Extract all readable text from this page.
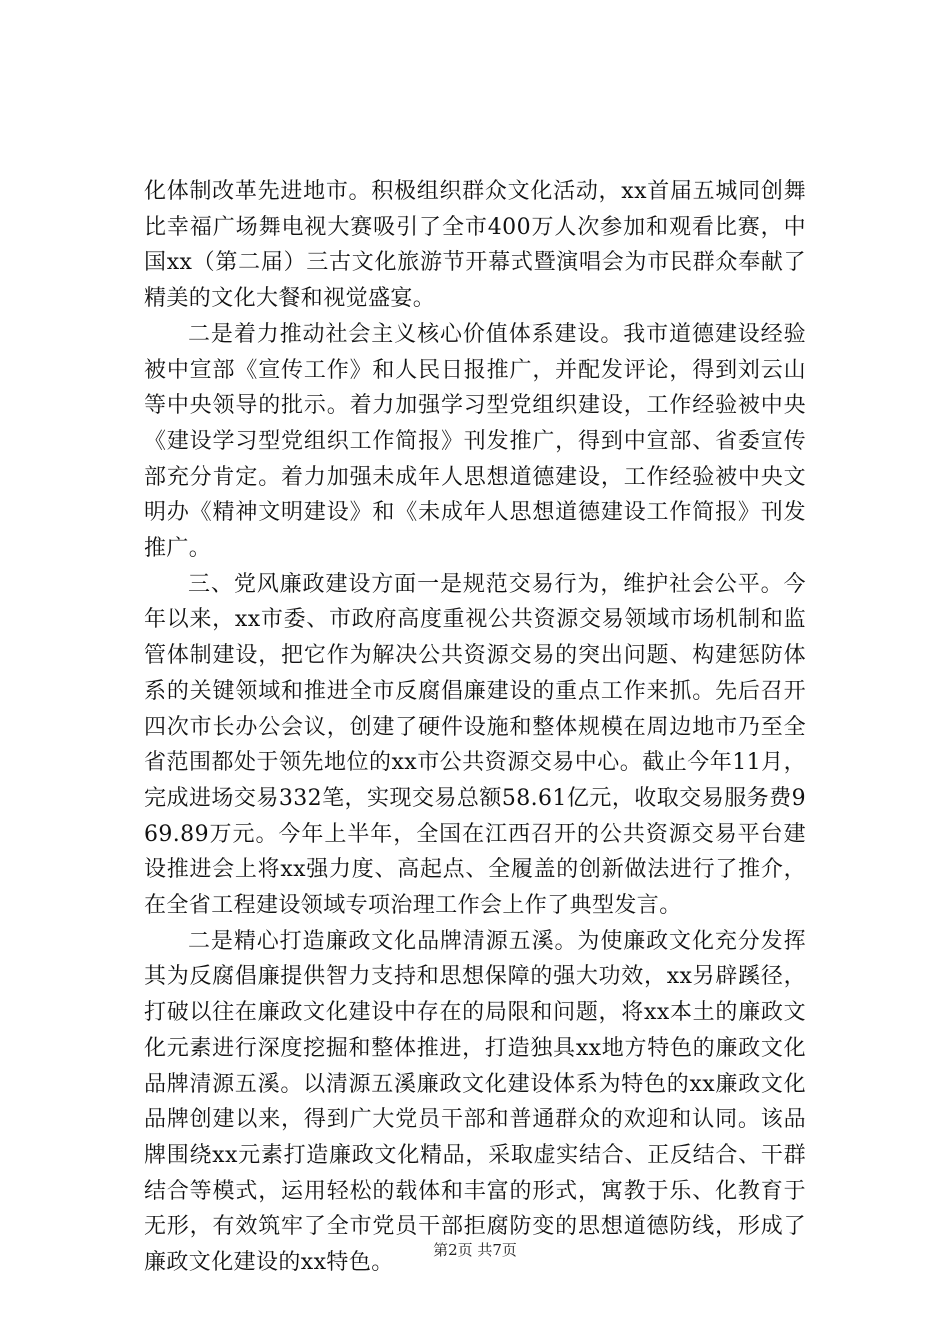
化体制改革先进地市。积极组织群众文化活动，xx首届五城同创舞比幸福广场舞电视大赛吸引了全市400万人次参加和观看比赛，中国xx（第二届）三古文化旅游节开幕式暨演唱会为市民群众奉献了精美的文化大餐和视觉盛宴。

二是着力推动社会主义核心价值体系建设。我市道德建设经验被中宣部《宣传工作》和人民日报推广，并配发评论，得到刘云山等中央领导的批示。着力加强学习型党组织建设，工作经验被中央《建设学习型党组织工作简报》刊发推广，得到中宣部、省委宣传部充分肯定。着力加强未成年人思想道德建设，工作经验被中央文明办《精神文明建设》和《未成年人思想道德建设工作简报》刊发推广。

三、党风廉政建设方面一是规范交易行为，维护社会公平。今年以来，xx市委、市政府高度重视公共资源交易领域市场机制和监管体制建设，把它作为解决公共资源交易的突出问题、构建惩防体系的关键领域和推进全市反腐倡廉建设的重点工作来抓。先后召开四次市长办公会议，创建了硬件设施和整体规模在周边地市乃至全省范围都处于领先地位的xx市公共资源交易中心。截止今年11月，完成进场交易332笔，实现交易总额58.61亿元，收取交易服务费969.89万元。今年上半年，全国在江西召开的公共资源交易平台建设推进会上将xx强力度、高起点、全履盖的创新做法进行了推介，在全省工程建设领域专项治理工作会上作了典型发言。

二是精心打造廉政文化品牌清源五溪。为使廉政文化充分发挥其为反腐倡廉提供智力支持和思想保障的强大功效，xx另辟蹊径，打破以往在廉政文化建设中存在的局限和问题，将xx本土的廉政文化元素进行深度挖掘和整体推进，打造独具xx地方特色的廉政文化品牌清源五溪。以清源五溪廉政文化建设体系为特色的xx廉政文化品牌创建以来，得到广大党员干部和普通群众的欢迎和认同。该品牌围绕xx元素打造廉政文化精品，采取虚实结合、正反结合、干群结合等模式，运用轻松的载体和丰富的形式，寓教于乐、化教育于无形，有效筑牢了全市党员干部拒腐防变的思想道德防线，形成了廉政文化建设的xx特色。

第2页 共7页
